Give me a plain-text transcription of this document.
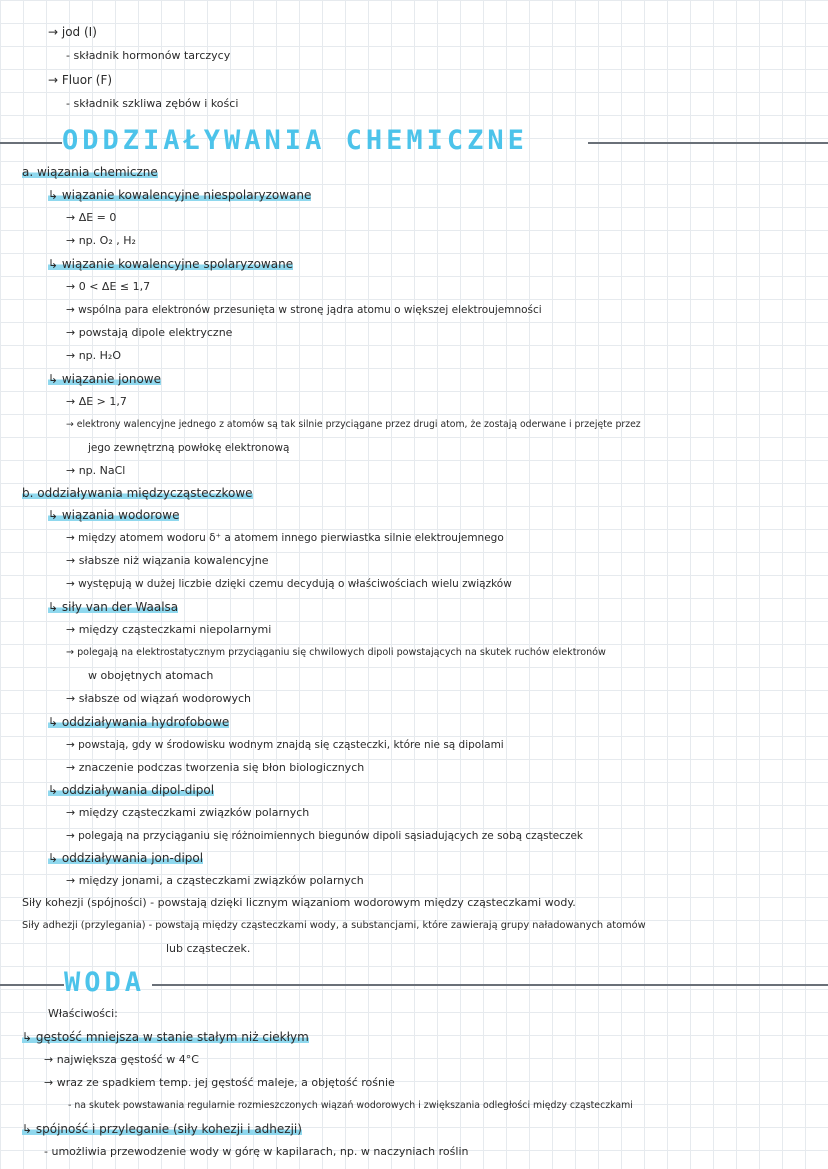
→ jod (I)
- składnik hormonów tarczycy
→ Fluor (F)
- składnik szkliwa zębów i kości
ODDZIAŁYWANIA CHEMICZNE
a. wiązania chemiczne
↳ wiązanie kowalencyjne niespolaryzowane
→ ΔE = 0
→ np. O₂ , H₂
↳ wiązanie kowalencyjne spolaryzowane
→ 0 < ΔE ≤ 1,7
→ wspólna para elektronów przesunięta w stronę jądra atomu o większej elektroujemności
→ powstają dipole elektryczne
→ np. H₂O
↳ wiązanie jonowe
→ ΔE > 1,7
→ elektrony walencyjne jednego z atomów są tak silnie przyciągane przez drugi atom, że zostają oderwane i przejęte przez
jego zewnętrzną powłokę elektronową
→ np. NaCl
b. oddziaływania międzycząsteczkowe
↳ wiązania wodorowe
→ między atomem wodoru δ⁺ a atomem innego pierwiastka silnie elektroujemnego
→ słabsze niż wiązania kowalencyjne
→ występują w dużej liczbie dzięki czemu decydują o właściwościach wielu związków
↳ siły van der Waalsa
→ między cząsteczkami niepolarnymi
→ polegają na elektrostatycznym przyciąganiu się chwilowych dipoli powstających na skutek ruchów elektronów
w obojętnych atomach
→ słabsze od wiązań wodorowych
↳ oddziaływania hydrofobowe
→ powstają, gdy w środowisku wodnym znajdą się cząsteczki, które nie są dipolami
→ znaczenie podczas tworzenia się błon biologicznych
↳ oddziaływania dipol-dipol
→ między cząsteczkami związków polarnych
→ polegają na przyciąganiu się różnoimiennych biegunów dipoli sąsiadujących ze sobą cząsteczek
↳ oddziaływania jon-dipol
→ między jonami, a cząsteczkami związków polarnych
Siły kohezji (spójności) - powstają dzięki licznym wiązaniom wodorowym między cząsteczkami wody.
Siły adhezji (przylegania) - powstają między cząsteczkami wody, a substancjami, które zawierają grupy naładowanych atomów
lub cząsteczek.
WODA
Właściwości:
↳ gęstość mniejsza w stanie stałym niż ciekłym
→ największa gęstość w 4°C
→ wraz ze spadkiem temp. jej gęstość maleje, a objętość rośnie
- na skutek powstawania regularnie rozmieszczonych wiązań wodorowych i zwiększania odległości między cząsteczkami
↳ spójność i przyleganie (siły kohezji i adhezji)
- umożliwia przewodzenie wody w górę w kapilarach, np. w naczyniach roślin
